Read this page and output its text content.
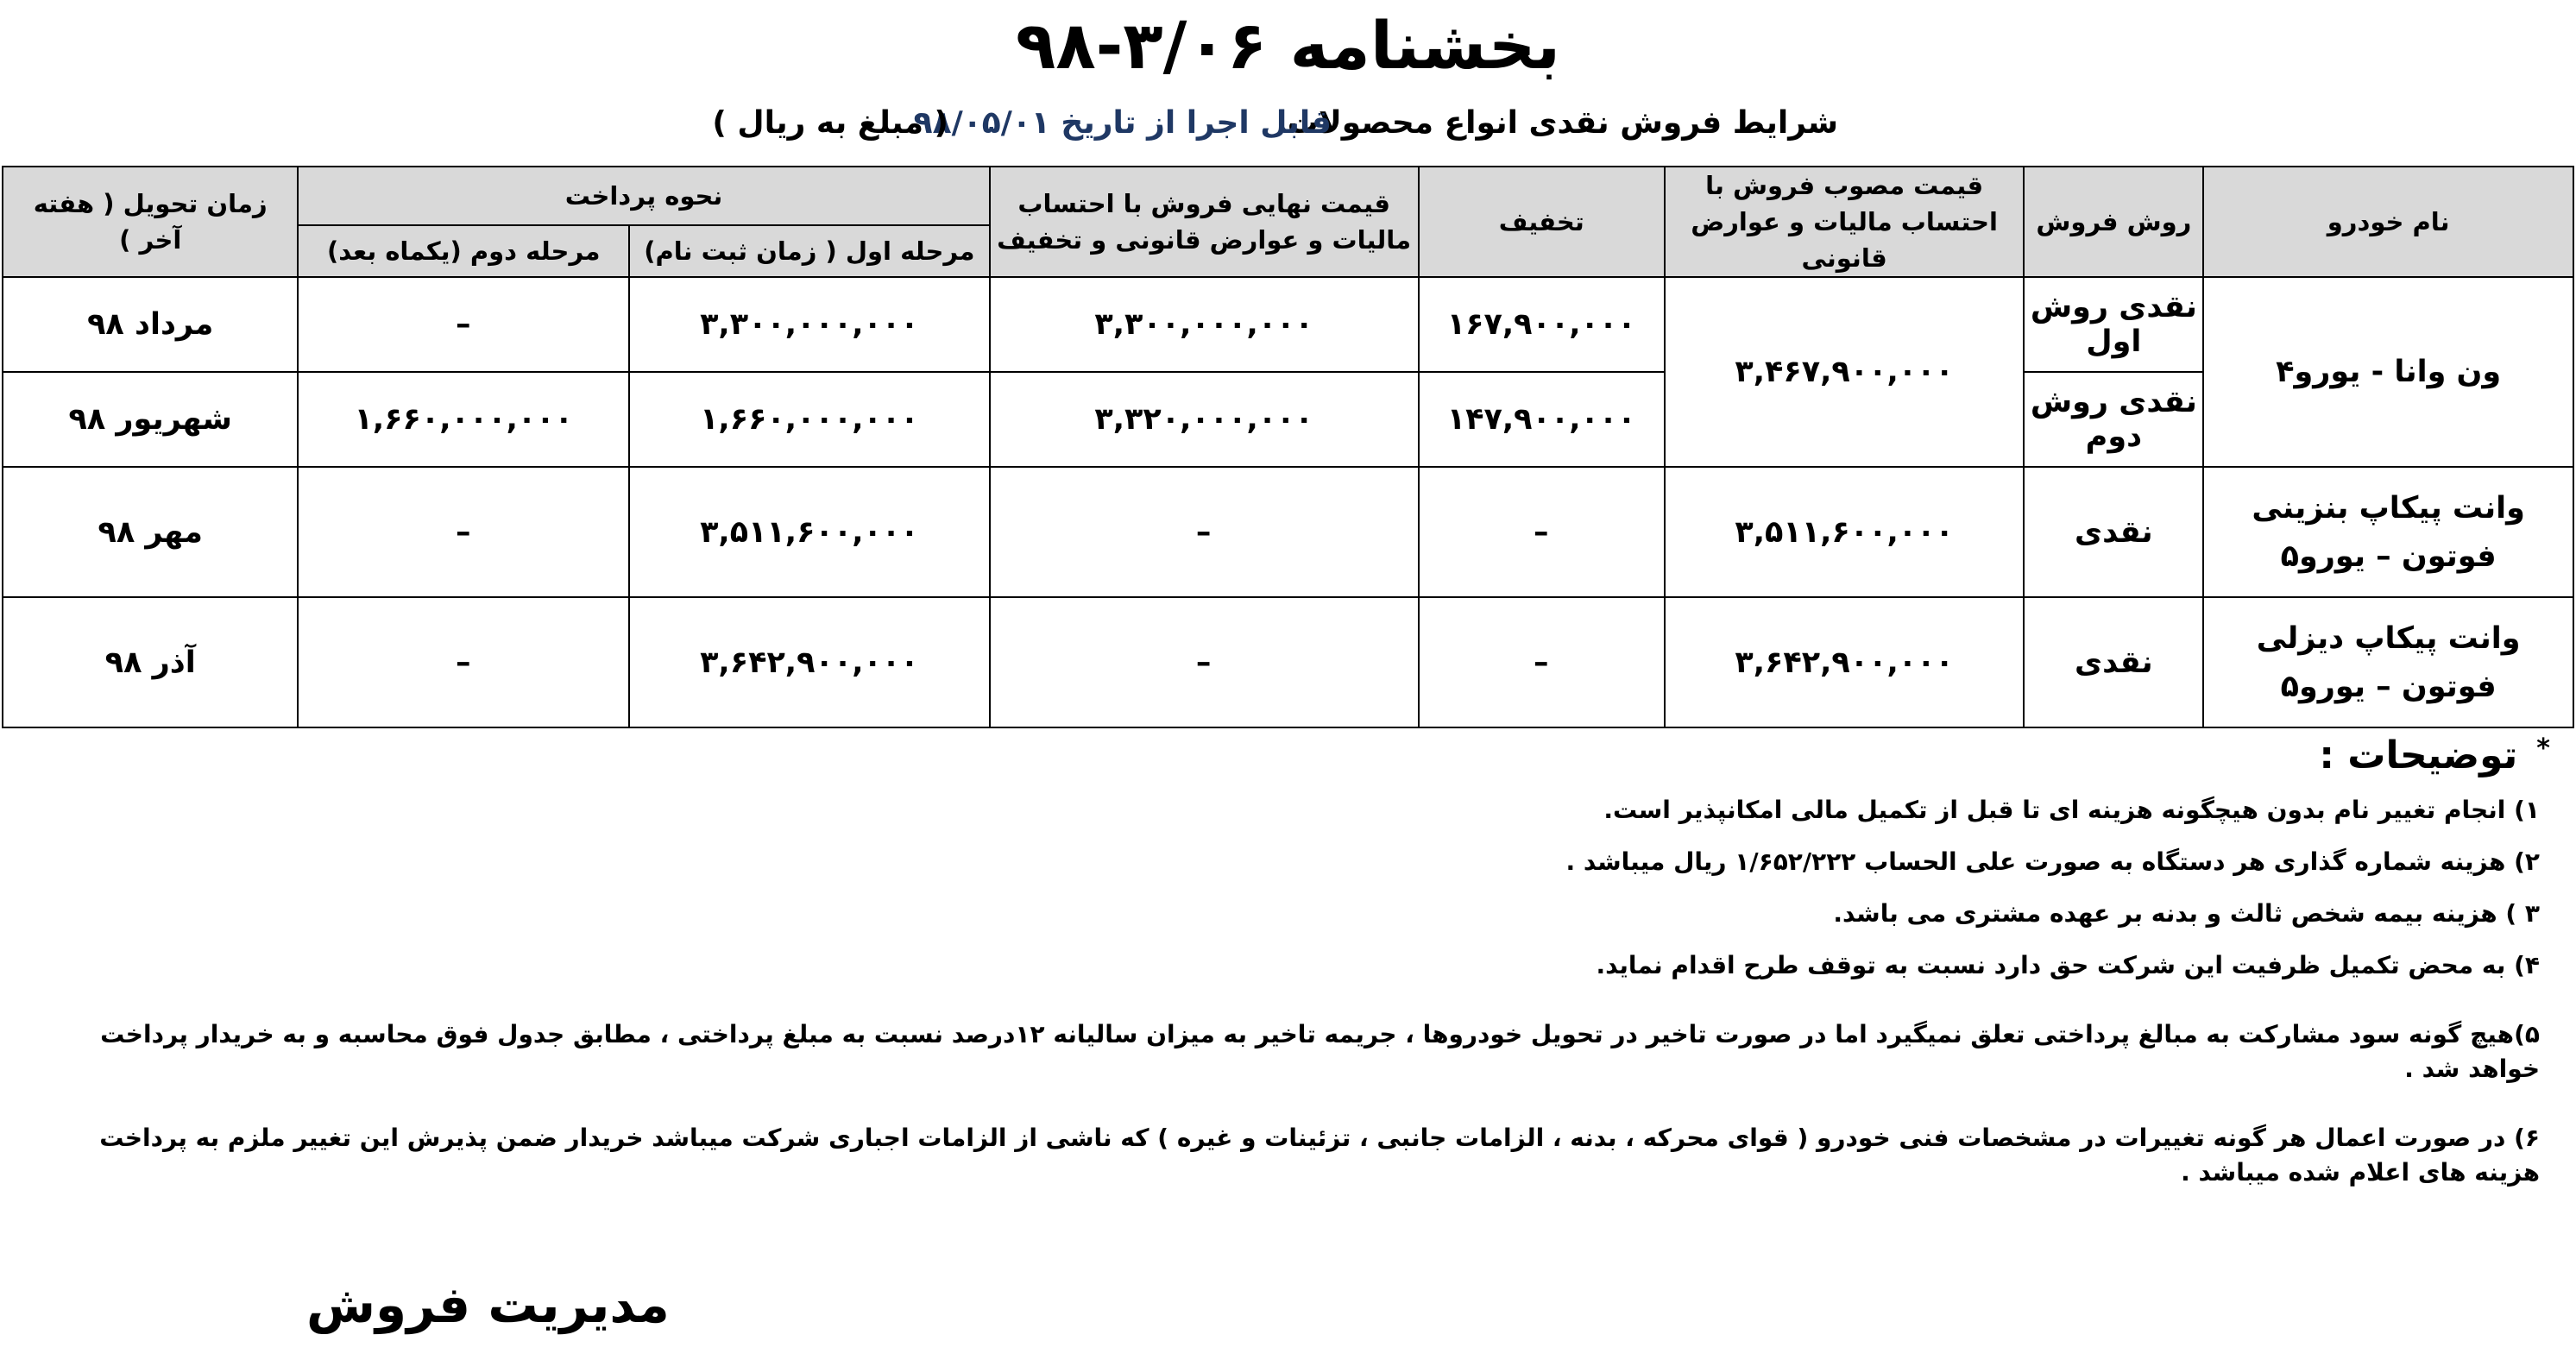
بخشنامه ۳/۰۶-۹۸
شرایط فروش نقدی انواع محصولات
قابل اجرا از تاریخ ۹۸/۰۵/۰۱
( مبلغ به ریال )
نام خودرو	روش فروش	قیمت مصوب فروش با احتساب مالیات و عوارض قانونی	تخفیف	قیمت نهایی فروش با احتساب مالیات و عوارض قانونی و تخفیف	نحوه پرداخت		زمان تحویل ( هفته آخر )
					مرحله اول ( زمان ثبت نام)	مرحله دوم (یکماه بعد)	
ون وانا - یورو۴	نقدی روش اول	۳,۴۶۷,۹۰۰,۰۰۰	۱۶۷,۹۰۰,۰۰۰	۳,۳۰۰,۰۰۰,۰۰۰	۳,۳۰۰,۰۰۰,۰۰۰	–	مرداد ۹۸
	نقدی روش دوم		۱۴۷,۹۰۰,۰۰۰	۳,۳۲۰,۰۰۰,۰۰۰	۱,۶۶۰,۰۰۰,۰۰۰	۱,۶۶۰,۰۰۰,۰۰۰	شهریور ۹۸
وانت پیکاپ بنزینی فوتون – یورو۵	نقدی	۳,۵۱۱,۶۰۰,۰۰۰	–	–	۳,۵۱۱,۶۰۰,۰۰۰	–	مهر ۹۸
وانت پیکاپ دیزلی فوتون – یورو۵	نقدی	۳,۶۴۲,۹۰۰,۰۰۰	–	–	۳,۶۴۲,۹۰۰,۰۰۰	–	آذر ۹۸
*توضیحات :
۱) انجام تغییر نام بدون هیچگونه هزینه ای تا قبل از تکمیل مالی امکانپذیر است.
۲) هزینه شماره گذاری هر دستگاه به صورت علی الحساب ۱/۶۵۲/۲۲۲ ریال میباشد .
۳ ) هزینه بیمه شخص ثالث و بدنه بر عهده مشتری می باشد.
۴) به محض تکمیل ظرفیت این شرکت حق دارد نسبت به توقف طرح اقدام نماید.
۵)هیچ گونه سود مشارکت به مبالغ پرداختی تعلق نمیگیرد اما در صورت تاخیر در تحویل خودروها ، جریمه تاخیر به میزان سالیانه ۱۲درصد نسبت به مبلغ پرداختی ، مطابق جدول فوق محاسبه و به خریدار پرداخت خواهد شد .
۶) در صورت اعمال هر گونه تغییرات در مشخصات فنی خودرو ( قوای محرکه ، بدنه ، الزامات جانبی ، تزئینات و غیره ) که ناشی از الزامات اجباری شرکت میباشد خریدار ضمن پذیرش این تغییر ملزم به پرداخت هزینه های اعلام شده میباشد .
مدیریت فروش
